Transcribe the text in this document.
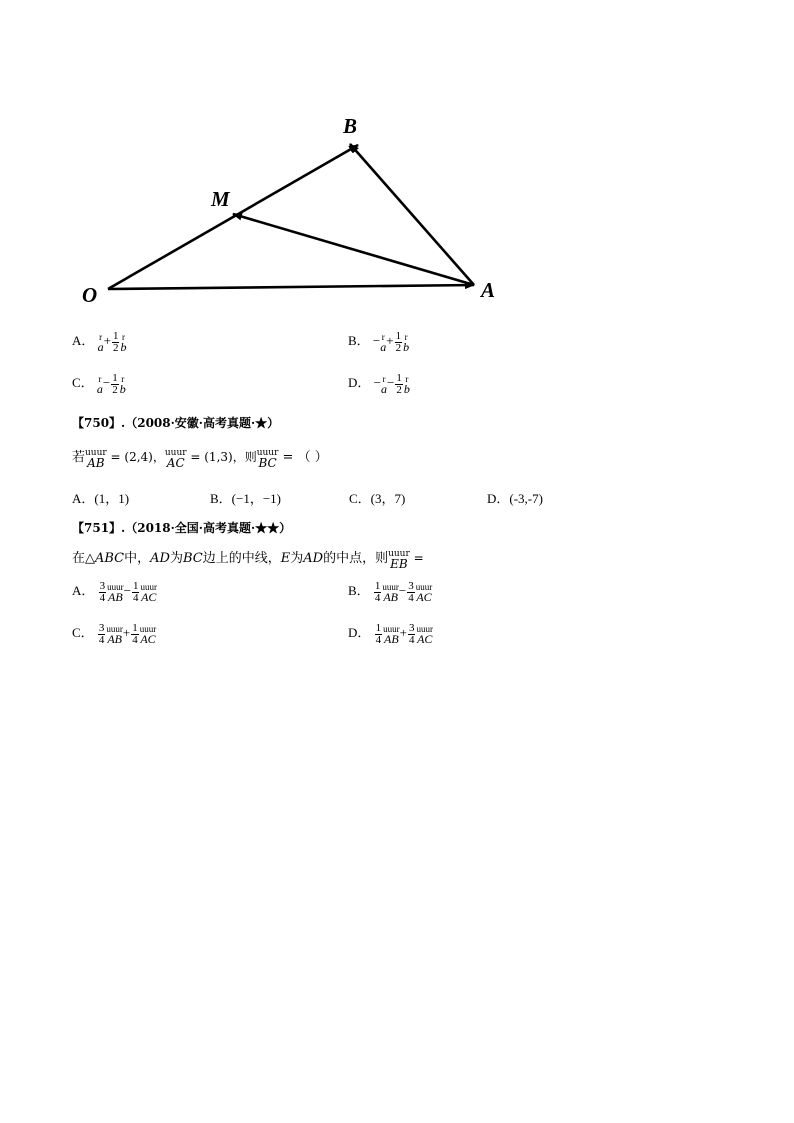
B
M
O	A
A． r
$a + \frac{1}{2}$ r
b	B． − r
$a + \frac{1}{2}$ r
b
C． r
$a - \frac{1}{2}$ r
b	D． − r
$a - \frac{1}{2}$ r
b
【750】.（2008·安徽·高考真题·★）
若 uuur
AB = (2,4)， uuur
AC = (1,3)，则 uuur
BC = （ ）
A．(1，1)	B．(−1，−1)	C．(3，7)	D．(-3,-7)
【751】.（2018·全国·高考真题·★★）
在△ABC中，AD为BC边上的中线，E为AD的中点，则 uuur
EB =
A． $\frac{3}{4}$ uuur
AB − $\frac{1}{4}$ uuur
AC	B． $\frac{1}{4}$ uuur
AB − $\frac{3}{4}$ uuur
AC
C． $\frac{3}{4}$ uuur
AB + $\frac{1}{4}$ uuur
AC	D． $\frac{1}{4}$ uuur
AB + $\frac{3}{4}$ uuur
AC
